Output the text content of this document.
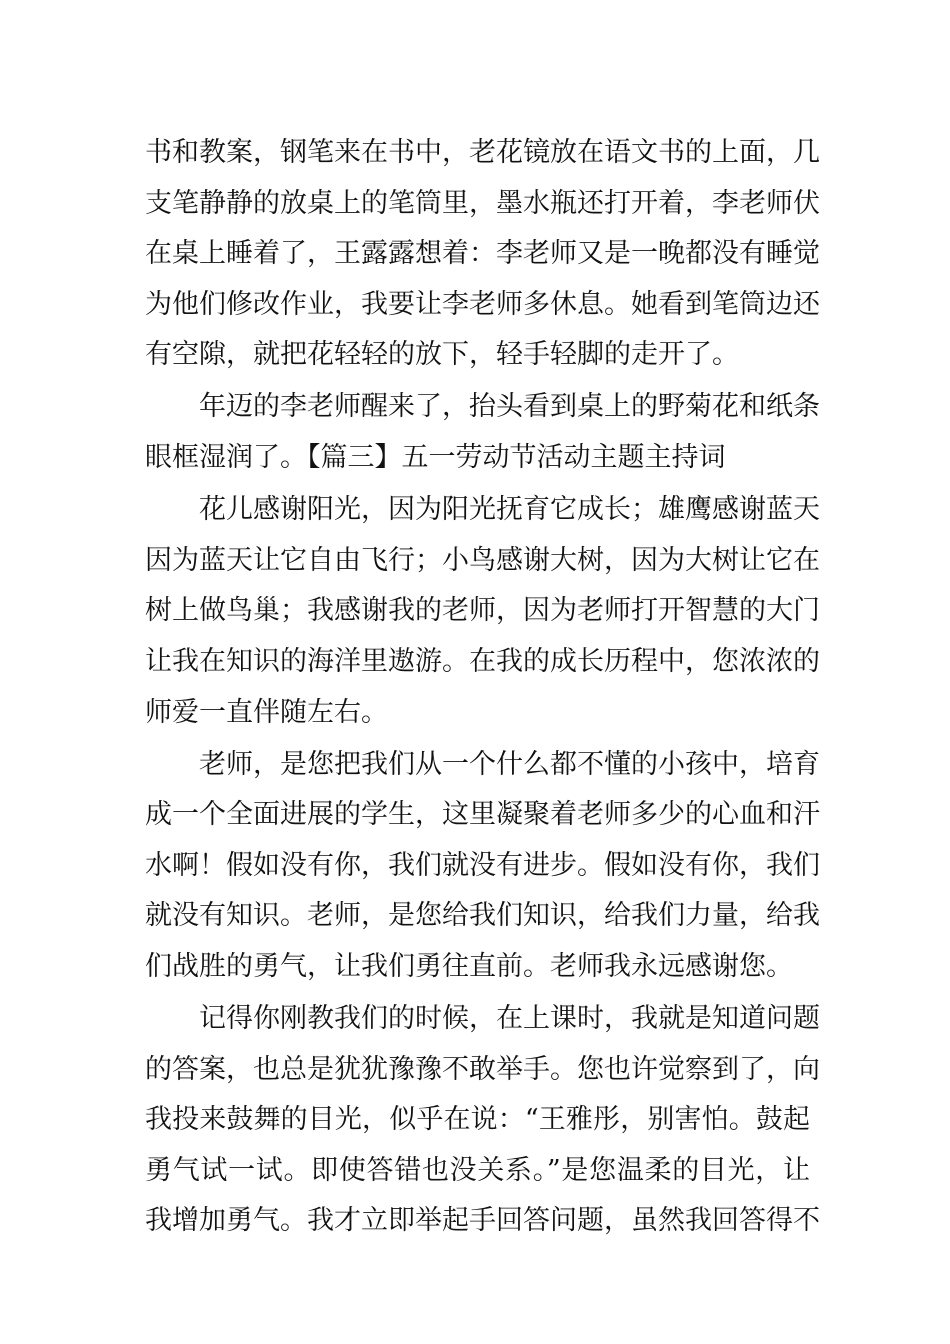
书和教案，钢笔来在书中，老花镜放在语文书的上面，几
支笔静静的放桌上的笔筒里，墨水瓶还打开着，李老师伏
在桌上睡着了，王露露想着：李老师又是一晚都没有睡觉
为他们修改作业，我要让李老师多休息。她看到笔筒边还
有空隙，就把花轻轻的放下，轻手轻脚的走开了。
年迈的李老师醒来了，抬头看到桌上的野菊花和纸条
眼框湿润了。【篇三】五一劳动节活动主题主持词
花儿感谢阳光，因为阳光抚育它成长；雄鹰感谢蓝天
因为蓝天让它自由飞行；小鸟感谢大树，因为大树让它在
树上做鸟巢；我感谢我的老师，因为老师打开智慧的大门
让我在知识的海洋里遨游。在我的成长历程中，您浓浓的
师爱一直伴随左右。
老师，是您把我们从一个什么都不懂的小孩中，培育
成一个全面进展的学生，这里凝聚着老师多少的心血和汗
水啊！假如没有你，我们就没有进步。假如没有你，我们
就没有知识。老师，是您给我们知识，给我们力量，给我
们战胜的勇气，让我们勇往直前。老师我永远感谢您。
记得你刚教我们的时候，在上课时，我就是知道问题
的答案，也总是犹犹豫豫不敢举手。您也许觉察到了，向
我投来鼓舞的目光，似乎在说：“王雅彤，别害怕。鼓起
勇气试一试。即使答错也没关系。”是您温柔的目光，让
我增加勇气。我才立即举起手回答问题，虽然我回答得不
